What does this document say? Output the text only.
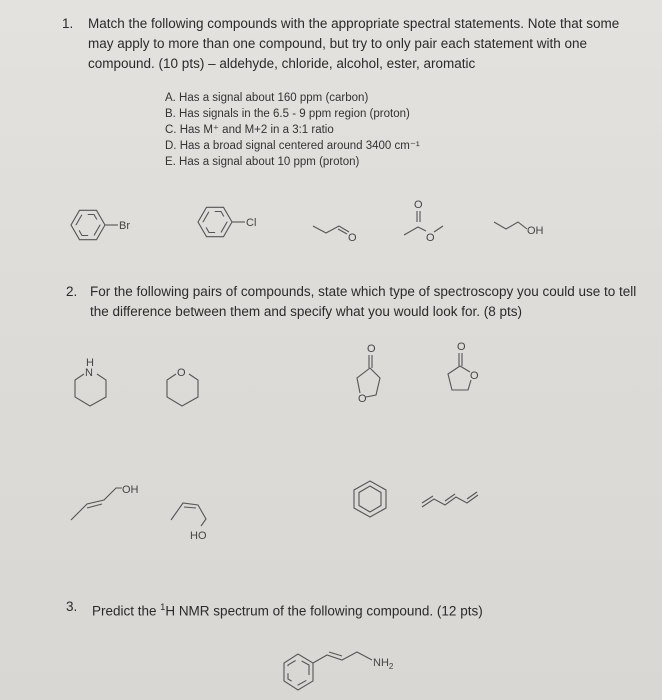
1. Match the following compounds with the appropriate spectral statements. Note that some may apply to more than one compound, but try to only pair each statement with one compound. (10 pts) – aldehyde, chloride, alcohol, ester, aromatic
A. Has a signal about 160 ppm (carbon)
B. Has signals in the 6.5 - 9 ppm region (proton)
C. Has M⁺ and M+2 in a 3:1 ratio
D. Has a broad signal centered around 3400 cm⁻¹
E. Has a signal about 10 ppm (proton)
2. For the following pairs of compounds, state which type of spectroscopy you could use to tell the difference between them and specify what you would look for. (8 pts)
3. Predict the $^1$H NMR spectrum of the following compound. (12 pts)
Br	Cl
O
O
O
OH
H
N	O
O
O
O
O
OH
HO
$NH_2$
